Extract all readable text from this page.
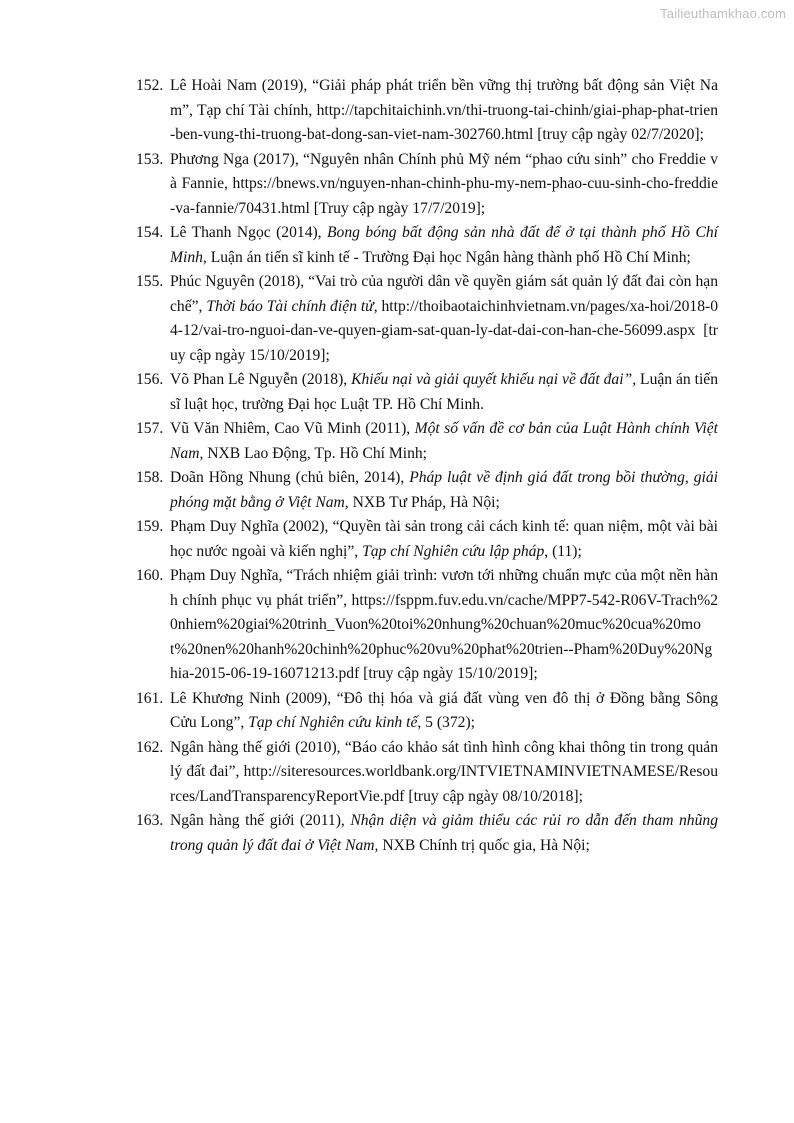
Tailieuthamkhao.com
152. Lê Hoài Nam (2019), “Giải pháp phát triển bền vững thị trường bất động sản Việt Nam”, Tạp chí Tài chính, http://tapchitaichinh.vn/thi-truong-tai-chinh/giai-phap-phat-trien-ben-vung-thi-truong-bat-dong-san-viet-nam-302760.html [truy cập ngày 02/7/2020];
153. Phương Nga (2017), “Nguyên nhân Chính phủ Mỹ ném “phao cứu sinh” cho Freddie và Fannie, https://bnews.vn/nguyen-nhan-chinh-phu-my-nem-phao-cuu-sinh-cho-freddie-va-fannie/70431.html [Truy cập ngày 17/7/2019];
154. Lê Thanh Ngọc (2014), Bong bóng bất động sản nhà đất để ở tại thành phố Hồ Chí Minh, Luận án tiến sĩ kinh tế - Trường Đại học Ngân hàng thành phố Hồ Chí Minh;
155. Phúc Nguyên (2018), “Vai trò của người dân về quyền giám sát quản lý đất đai còn hạn chế”, Thời báo Tài chính điện tử, http://thoibaotaichinhvietnam.vn/pages/xa-hoi/2018-04-12/vai-tro-nguoi-dan-ve-quyen-giam-sat-quan-ly-dat-dai-con-han-che-56099.aspx [truy cập ngày 15/10/2019];
156. Võ Phan Lê Nguyễn (2018), Khiếu nại và giải quyết khiếu nại về đất đai”, Luận án tiến sĩ luật học, trường Đại học Luật TP. Hồ Chí Minh.
157. Vũ Văn Nhiêm, Cao Vũ Minh (2011), Một số vấn đề cơ bản của Luật Hành chính Việt Nam, NXB Lao Động, Tp. Hồ Chí Minh;
158. Doãn Hồng Nhung (chủ biên, 2014), Pháp luật về định giá đất trong bồi thường, giải phóng mặt bằng ở Việt Nam, NXB Tư Pháp, Hà Nội;
159. Phạm Duy Nghĩa (2002), “Quyền tài sản trong cải cách kinh tế: quan niệm, một vài bài học nước ngoài và kiến nghị”, Tạp chí Nghiên cứu lập pháp, (11);
160. Phạm Duy Nghĩa, “Trách nhiệm giải trình: vươn tới những chuẩn mực của một nền hành chính phục vụ phát triển”, https://fsppm.fuv.edu.vn/cache/MPP7-542-R06V-Trach%20nhiem%20giai%20trinh_Vuon%20toi%20nhung%20chuan%20muc%20cua%20mot%20nen%20hanh%20chinh%20phuc%20vu%20phat%20trien--Pham%20Duy%20Nghia-2015-06-19-16071213.pdf [truy cập ngày 15/10/2019];
161. Lê Khương Ninh (2009), “Đô thị hóa và giá đất vùng ven đô thị ở Đồng bằng Sông Cửu Long”, Tạp chí Nghiên cứu kinh tế, 5 (372);
162. Ngân hàng thế giới (2010), “Báo cáo khảo sát tình hình công khai thông tin trong quản lý đất đai”, http://siteresources.worldbank.org/INTVIETNAMINVIETNAMESE/Resources/LandTransparencyReportVie.pdf [truy cập ngày 08/10/2018];
163. Ngân hàng thế giới (2011), Nhận diện và giảm thiểu các rủi ro dẫn đến tham nhũng trong quản lý đất đai ở Việt Nam, NXB Chính trị quốc gia, Hà Nội;
